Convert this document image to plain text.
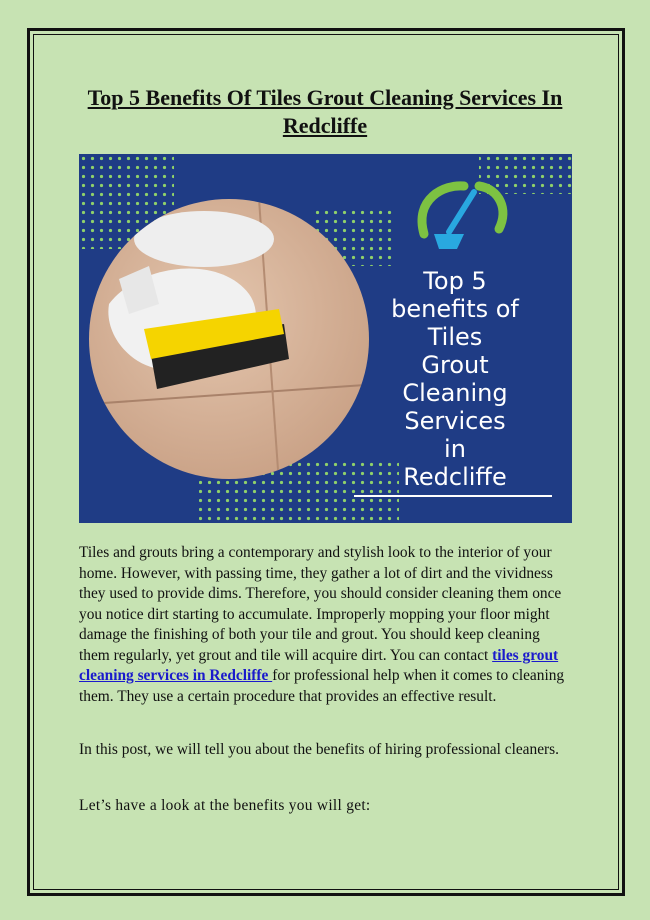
Top 5 Benefits Of Tiles Grout Cleaning Services In Redcliffe
Top 5
benefits of
Tiles
Grout
Cleaning
Services
in
Redcliffe

Tiles and grouts bring a contemporary and stylish look to the interior of your home. However, with passing time, they gather a lot of dirt and the vividness they used to provide dims. Therefore, you should consider cleaning them once you notice dirt starting to accumulate. Improperly mopping your floor might damage the finishing of both your tile and grout. You should keep cleaning them regularly, yet grout and tile will acquire dirt. You can contact tiles grout cleaning services in Redcliffe for professional help when it comes to cleaning them. They use a certain procedure that provides an effective result.

In this post, we will tell you about the benefits of hiring professional cleaners.

Let’s have a look at the benefits you will get:
